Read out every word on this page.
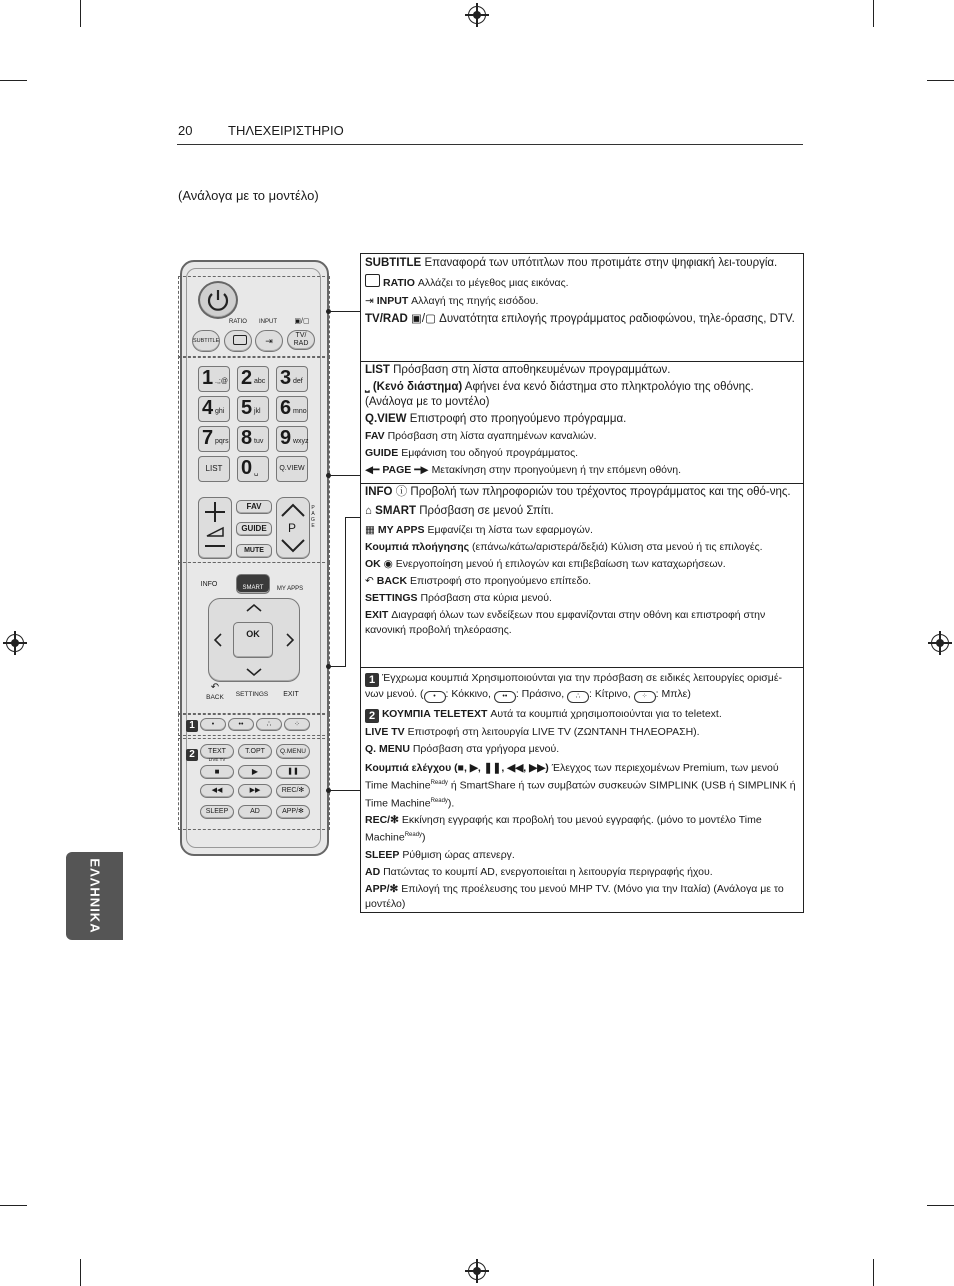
20	ΤΗΛΕΧΕΙΡΙΣΤΗΡΙΟ
(Ανάλογα με το μοντέλο)
ΕΛΛΗΝΙΚΑ
RATIO	INPUT	▣/▢
SUBTITLE	⇥
TV/
RAD
1 .,;@ 2 abc 3 def
4 ghi 5 jkl 6 mno
7 pqrs 8 tuv 9 wxyz
LIST 0 ␣
Q.VIEW
FAV
GUIDE
MUTE
P
PAGE
INFO	SMART	MY APPS
OK
BACK
↶
SETTINGS	EXIT
1	•	••	∴	⁘
2	TEXT	T.OPT	Q.MENU
LIVE TV
■	▶	❚❚
◀◀	▶▶	REC/✻
SLEEP	AD	APP/✻
SUBTITLE Επαναφορά των υπότιτλων που προτιμάτε στην ψηφιακή λει-τουργία.
RATIO Αλλάζει το μέγεθος μιας εικόνας.
⇥ INPUT Αλλαγή της πηγής εισόδου.
TV/RAD ▣/▢ Δυνατότητα επιλογής προγράμματος ραδιοφώνου, τηλε-όρασης, DTV.
LIST Πρόσβαση στη λίστα αποθηκευμένων προγραμμάτων.
⎵ (Κενό διάστημα) Αφήνει ένα κενό διάστημα στο πληκτρολόγιο της οθόνης. (Ανάλογα με το μοντέλο)
Q.VIEW Επιστροφή στο προηγούμενο πρόγραμμα.
FAV Πρόσβαση στη λίστα αγαπημένων καναλιών.
GUIDE Εμφάνιση του οδηγού προγράμματος.
◀━ PAGE ━▶ Μετακίνηση στην προηγούμενη ή την επόμενη οθόνη.
INFO ⓘ Προβολή των πληροφοριών του τρέχοντος προγράμματος και της οθό-νης.
⌂ SMART Πρόσβαση σε μενού Σπίτι.
▦ MY APPS Εμφανίζει τη λίστα των εφαρμογών.
Κουμπιά πλοήγησης (επάνω/κάτω/αριστερά/δεξιά) Κύλιση στα μενού ή τις επιλογές.
OK ◉ Ενεργοποίηση μενού ή επιλογών και επιβεβαίωση των καταχωρήσεων.
↶ BACK Επιστροφή στο προηγούμενο επίπεδο.
SETTINGS Πρόσβαση στα κύρια μενού.
EXIT Διαγραφή όλων των ενδείξεων που εμφανίζονται στην οθόνη και επιστροφή στην κανονική προβολή τηλεόρασης.
1 Έγχρωμα κουμπιά Χρησιμοποιούνται για την πρόσβαση σε ειδικές λειτουργίες ορισμέ-νων μενού. ( • : Κόκκινο, •• : Πράσινο, ∴ : Κίτρινο, ⁘ : Μπλε)
2 ΚΟΥΜΠΙΑ TELETEXT Αυτά τα κουμπιά χρησιμοποιούνται για το teletext.
LIVE TV Επιστροφή στη λειτουργία LIVE TV (ΖΩΝΤΑΝΗ ΤΗΛΕΟΡΑΣΗ).
Q. MENU Πρόσβαση στα γρήγορα μενού.
Κουμπιά ελέγχου (■, ▶, ❚❚, ◀◀, ▶▶) Έλεγχος των περιεχομένων Premium, των μενού Time Machine$^{Ready}$ ή SmartShare ή των συμβατών συσκευών SIMPLINK (USB ή SIMPLINK ή Time Machine$^{Ready}$).
REC/✻ Εκκίνηση εγγραφής και προβολή του μενού εγγραφής. (μόνο το μοντέλο Time Machine$^{Ready}$)
SLEEP Ρύθμιση ώρας απενεργ.
AD Πατώντας το κουμπί AD, ενεργοποιείται η λειτουργία περιγραφής ήχου.
APP/✻ Επιλογή της προέλευσης του μενού MHP TV. (Μόνο για την Ιταλία) (Ανάλογα με το μοντέλο)
